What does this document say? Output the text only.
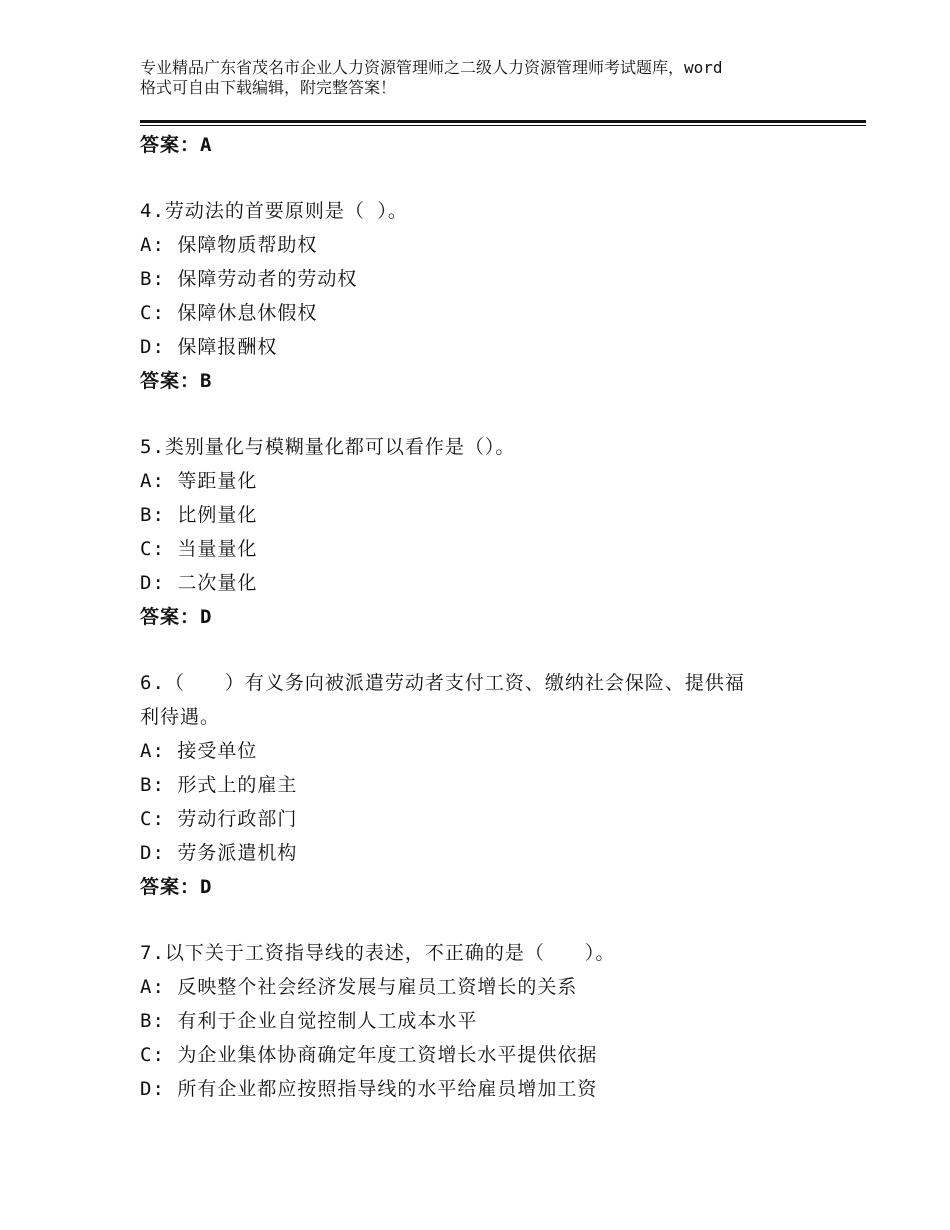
专业精品广东省茂名市企业人力资源管理师之二级人力资源管理师考试题库，word
格式可自由下载编辑，附完整答案！
答案：A
4.劳动法的首要原则是（ ）。
A: 保障物质帮助权
B: 保障劳动者的劳动权
C: 保障休息休假权
D: 保障报酬权
答案：B
5.类别量化与模糊量化都可以看作是（）。
A: 等距量化
B: 比例量化
C: 当量量化
D: 二次量化
答案：D
6.（　　）有义务向被派遣劳动者支付工资、缴纳社会保险、提供福
利待遇。
A: 接受单位
B: 形式上的雇主
C: 劳动行政部门
D: 劳务派遣机构
答案：D
7.以下关于工资指导线的表述，不正确的是（　　）。
A: 反映整个社会经济发展与雇员工资增长的关系
B: 有利于企业自觉控制人工成本水平
C: 为企业集体协商确定年度工资增长水平提供依据
D: 所有企业都应按照指导线的水平给雇员增加工资
